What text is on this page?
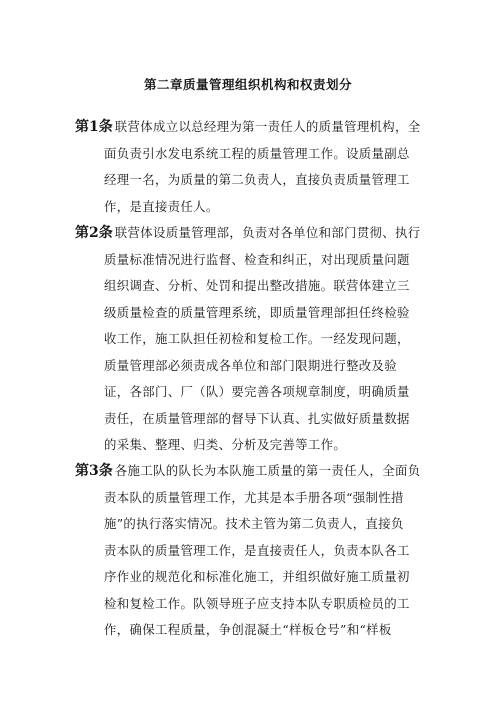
第二章质量管理组织机构和权责划分
第1条 联营体成立以总经理为第一责任人的质量管理机构，全
面负责引水发电系统工程的质量管理工作。设质量副总
经理一名，为质量的第二负责人，直接负责质量管理工
作，是直接责任人。
第2条 联营体设质量管理部，负责对各单位和部门贯彻、执行
质量标准情况进行监督、检查和纠正，对出现质量问题
组织调查、分析、处罚和提出整改措施。联营体建立三
级质量检查的质量管理系统，即质量管理部担任终检验
收工作，施工队担任初检和复检工作。一经发现问题，
质量管理部必须责成各单位和部门限期进行整改及验
证，各部门、厂（队）要完善各项规章制度，明确质量
责任，在质量管理部的督导下认真、扎实做好质量数据
的采集、整理、归类、分析及完善等工作。
第3条 各施工队的队长为本队施工质量的第一责任人，全面负
责本队的质量管理工作，尤其是本手册各项“强制性措
施”的执行落实情况。技术主管为第二负责人，直接负
责本队的质量管理工作，是直接责任人，负责本队各工
序作业的规范化和标准化施工，并组织做好施工质量初
检和复检工作。队领导班子应支持本队专职质检员的工
作，确保工程质量，争创混凝土“样板仓号”和“样板
